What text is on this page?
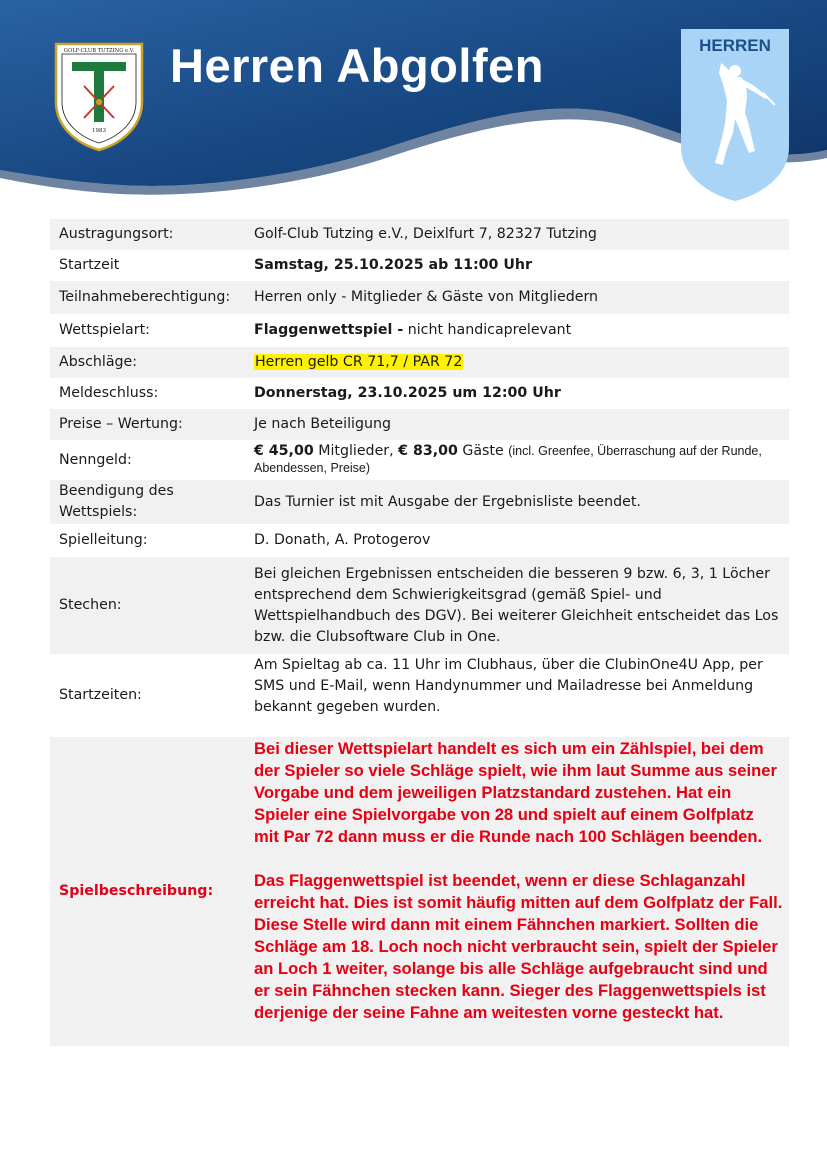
Herren Abgolfen
GOLF-CLUB TUTZING e.V.
1983
HERREN
Austragungsort:	Golf-Club Tutzing e.V., Deixlfurt 7, 82327 Tutzing
Startzeit	Samstag, 25.10.2025 ab 11:00 Uhr
Teilnahmeberechtigung:	Herren only - Mitglieder & Gäste von Mitgliedern
Wettspielart:	Flaggenwettspiel - nicht handicaprelevant
Abschläge:	Herren gelb CR 71,7 / PAR 72
Meldeschluss:	Donnerstag, 23.10.2025 um 12:00 Uhr
Preise – Wertung:	Je nach Beteiligung
Nenngeld:
€ 45,00 Mitglieder, € 83,00 Gäste (incl. Greenfee, Überraschung auf der Runde, Abendessen, Preise)
Beendigung des Wettspiels:
Das Turnier ist mit Ausgabe der Ergebnisliste beendet.
Spielleitung:	D. Donath, A. Protogerov
Stechen:
Bei gleichen Ergebnissen entscheiden die besseren 9 bzw. 6, 3, 1 Löcher entsprechend dem Schwierigkeitsgrad (gemäß Spiel- und Wettspielhandbuch des DGV). Bei weiterer Gleichheit entscheidet das Los bzw. die Clubsoftware Club in One.
Startzeiten:
Am Spieltag ab ca. 11 Uhr im Clubhaus, über die ClubinOne4U App, per SMS und E-Mail, wenn Handynummer und Mailadresse bei Anmeldung bekannt gegeben wurden.
Spielbeschreibung:

Bei dieser Wettspielart handelt es sich um ein Zählspiel, bei dem der Spieler so viele Schläge spielt, wie ihm laut Summe aus seiner Vorgabe und dem jeweiligen Platzstandard zustehen. Hat ein Spieler eine Spielvorgabe von 28 und spielt auf einem Golfplatz mit Par 72 dann muss er die Runde nach 100 Schlägen beenden.

Das Flaggenwettspiel ist beendet, wenn er diese Schlaganzahl erreicht hat. Dies ist somit häufig mitten auf dem Golfplatz der Fall. Diese Stelle wird dann mit einem Fähnchen markiert. Sollten die Schläge am 18. Loch noch nicht verbraucht sein, spielt der Spieler an Loch 1 weiter, solange bis alle Schläge aufgebraucht sind und er sein Fähnchen stecken kann. Sieger des Flaggenwettspiels ist derjenige der seine Fahne am weitesten vorne gesteckt hat.
